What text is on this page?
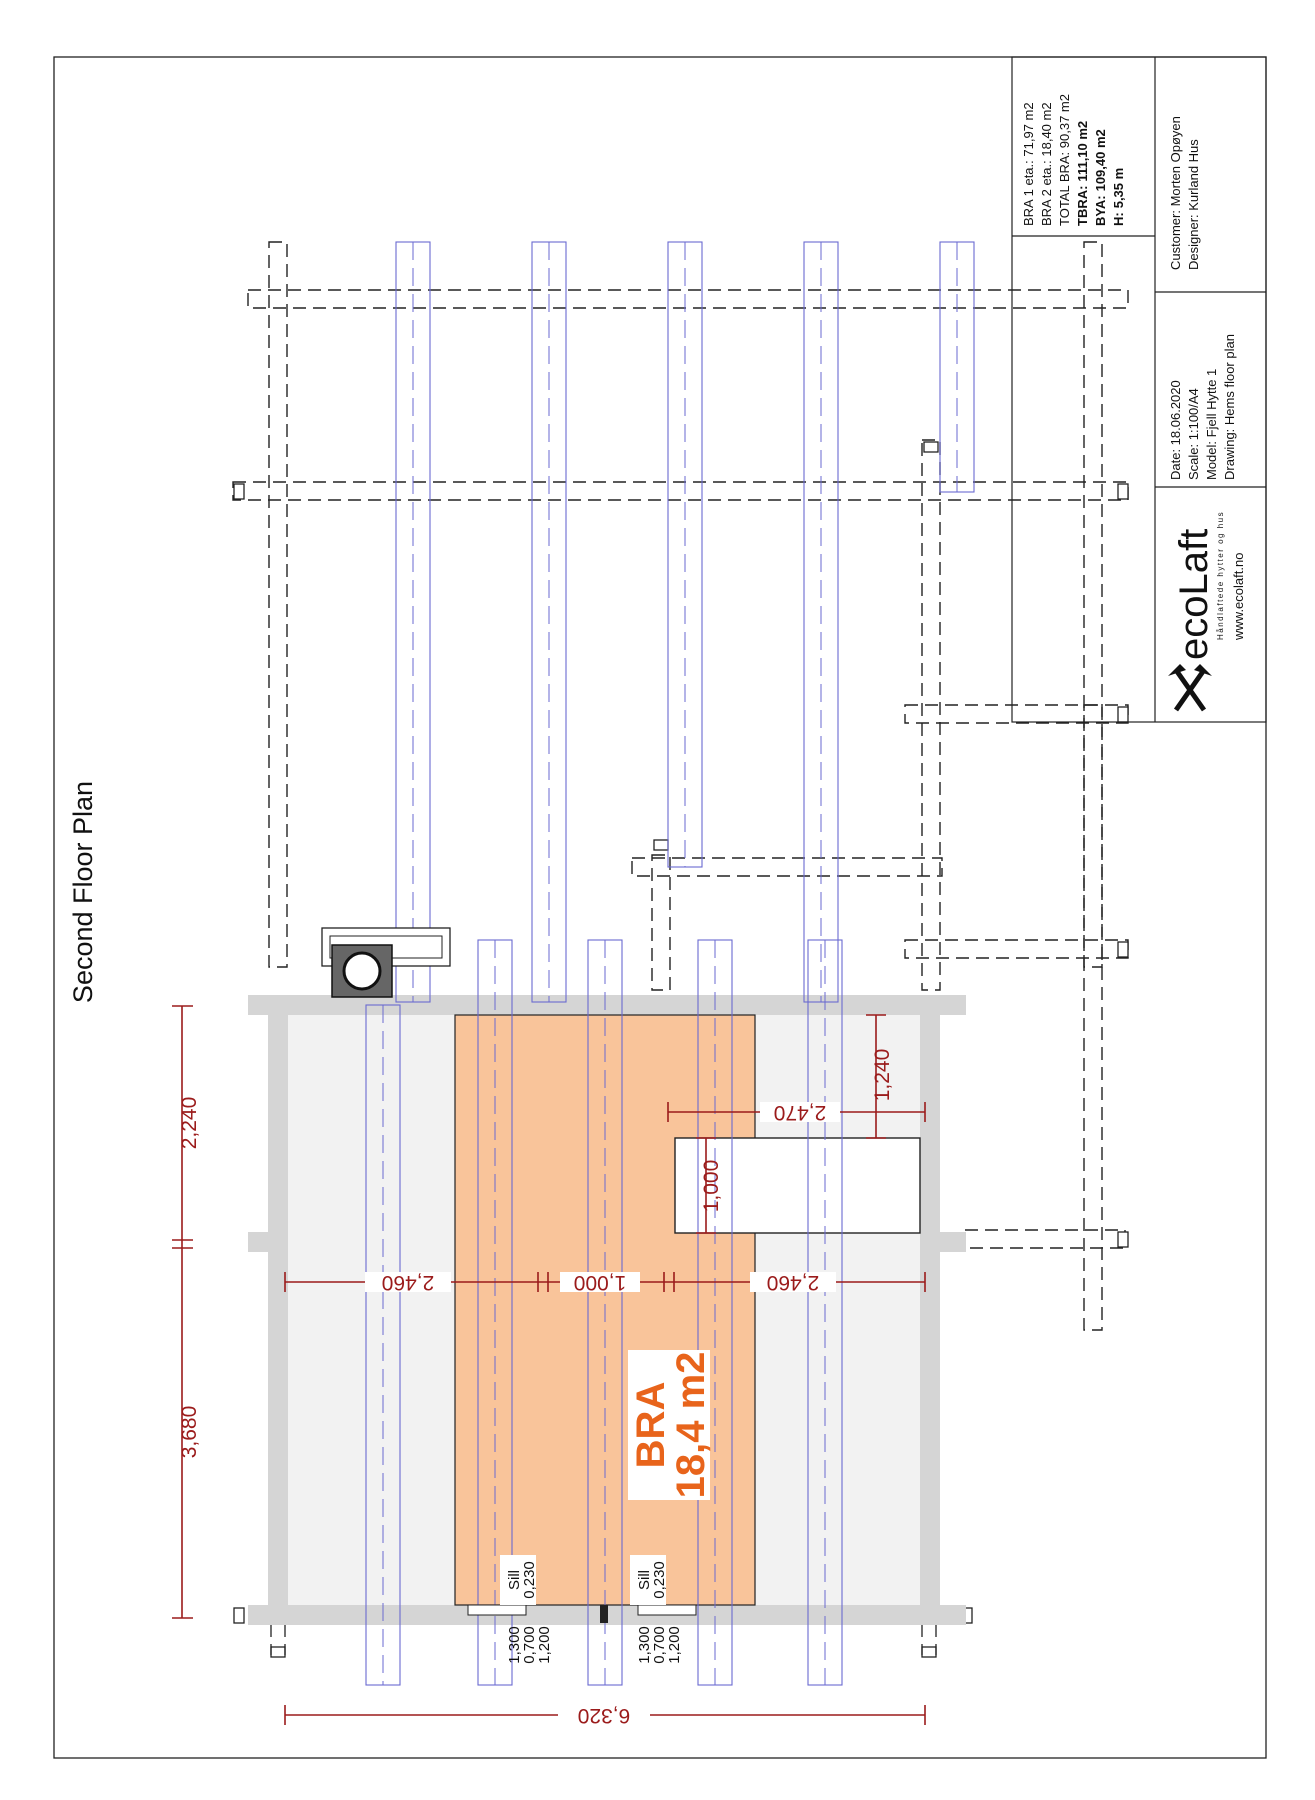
2,240
3,680
1,240
1,000
2,460	1,000	2,460
2,470
6,320
Sill
0,230
1,300
0,700
1,200
Sill
0,230
1,300
0,700
1,200
BRA
18,4 m2
Second Floor Plan
BRA 1 eta.: 71,97 m2 BRA 2 eta.: 18,40 m2 TOTAL BRA: 90,37 m2 TBRA:111,10 m2
BYA:109,40 m2
H:5,35 m	Customer: Morten Opøyen Designer: Kurland Hus
Date: 18.06.2020 Scale: 1:100/A4 Model: Fjell Hytte 1 Drawing: Hems floor plan
ecoLaft Håndlaftede hytter og hus www.ecolaft.no
